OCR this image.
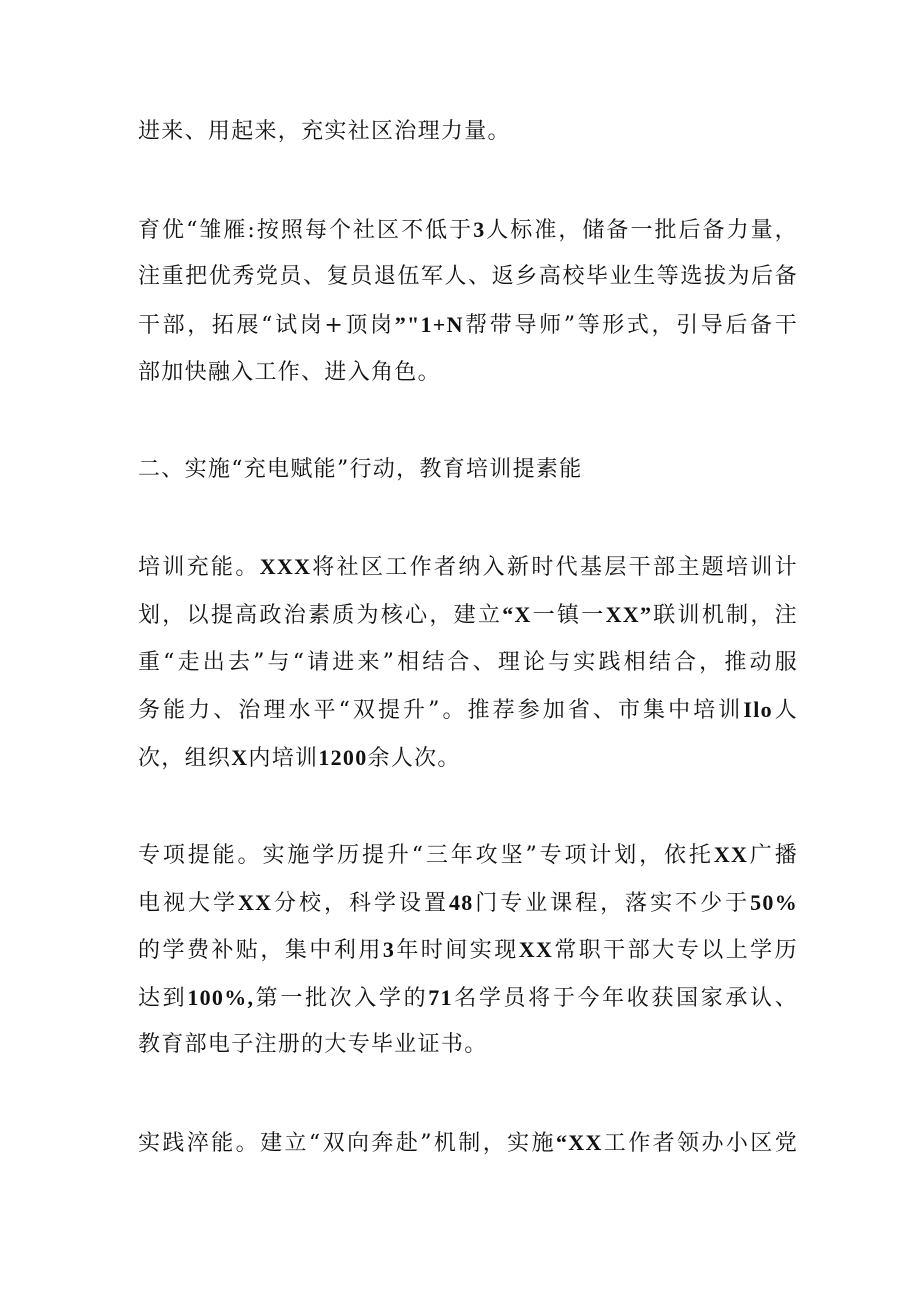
进来、用起来，充实社区治理力量。
育优“雏雁:按照每个社区不低于3人标准，储备一批后备力量，
注重把优秀党员、复员退伍军人、返乡高校毕业生等选拔为后备
干部，拓展“试岗+顶岗”"1+N帮带导师”等形式，引导后备干
部加快融入工作、进入角色。
二、实施“充电赋能”行动，教育培训提素能
培训充能。XXX将社区工作者纳入新时代基层干部主题培训计
划，以提高政治素质为核心，建立“X一镇一XX”联训机制，注
重“走出去”与“请进来”相结合、理论与实践相结合，推动服
务能力、治理水平“双提升”。推荐参加省、市集中培训Ilo人
次，组织X内培训1200余人次。
专项提能。实施学历提升“三年攻坚”专项计划，依托XX广播
电视大学XX分校，科学设置48门专业课程，落实不少于50%
的学费补贴，集中利用3年时间实现XX常职干部大专以上学历
达到100%,第一批次入学的71名学员将于今年收获国家承认、
教育部电子注册的大专毕业证书。
实践淬能。建立“双向奔赴”机制，实施“XX工作者领办小区党
